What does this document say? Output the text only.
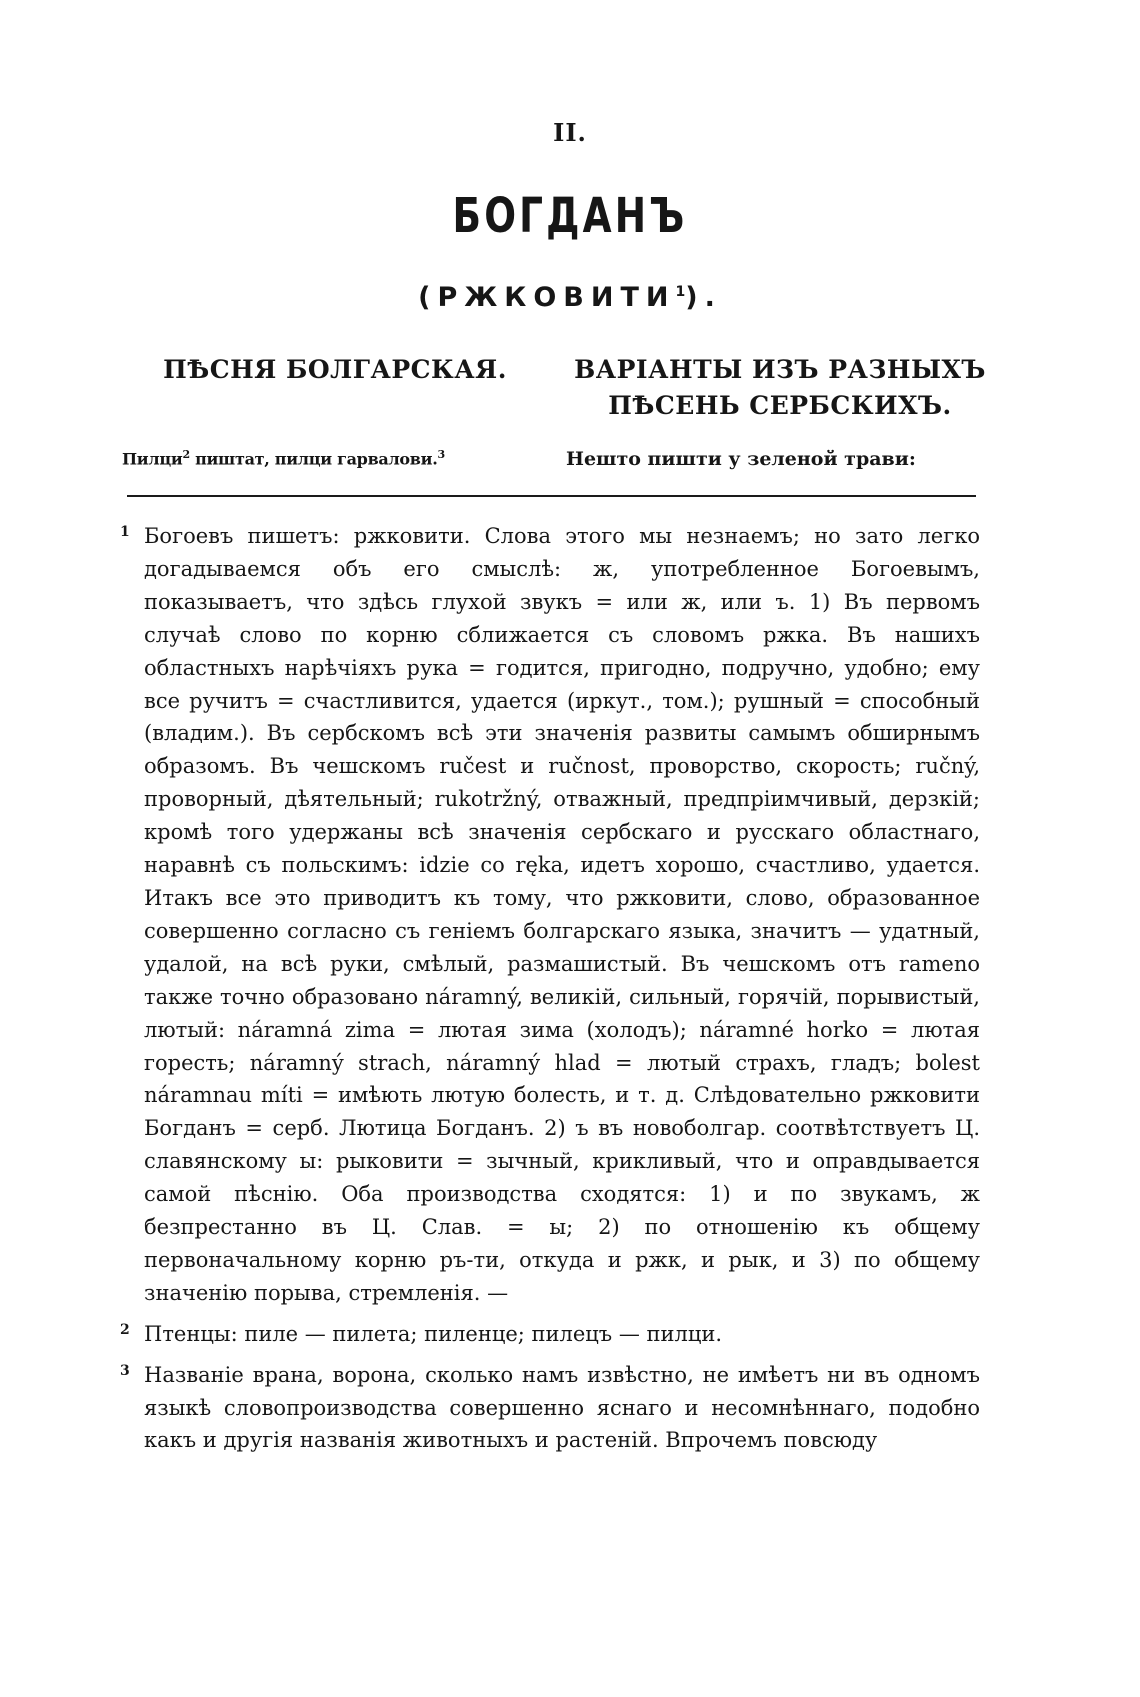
II.
БОГДАНЪ
(РЖКОВИТИ$^1$).
ПѢСНЯ БОЛГАРСКАЯ.	ВАРІАНТЫ ИЗЪ РАЗНЫХЪ
ПѢСЕНЬ СЕРБСКИХЪ.
Пилци$^2$ пиштат, пилци гарвалови.$^3$	Нешто пишти у зеленой трави:
1 Богоевъ пишетъ: ржковити. Слова этого мы незнаемъ; но зато легко догадываемся объ его смыслѣ: ж, употребленное Богоевымъ, показываетъ, что здѣсь глухой звукъ = или ж, или ъ. 1) Въ первомъ случаѣ слово по корню сближается съ словомъ ржка. Въ нашихъ областныхъ нарѣчіяхъ рука = годится, пригодно, подручно, удобно; ему все ручитъ = счастливится, удается (иркут., том.); рушный = способный (владим.). Въ сербскомъ всѣ эти значенія развиты самымъ обширнымъ образомъ. Въ чешскомъ ručest и ručnost, проворство, скорость; ručný, проворный, дѣятельный; rukotržný, отважный, предпріимчивый, дерзкій; кромѣ того удержаны всѣ значенія сербскаго и русскаго областнаго, наравнѣ съ польскимъ: idzie co ręka, идетъ хорошо, счастливо, удается. Итакъ все это приводитъ къ тому, что ржковити, слово, образованное совершенно согласно съ геніемъ болгарскаго языка, значитъ — удатный, удалой, на всѣ руки, смѣлый, размашистый. Въ чешскомъ отъ rameno также точно образовано náramný, великій, сильный, горячій, порывистый, лютый: náramná zima = лютая зима (холодъ); náramné horko = лютая горесть; náramný strach, náramný hlad = лютый страхъ, гладъ; bolest náramnau míti = имѣють лютую болесть, и т. д. Слѣдовательно ржковити Богданъ = серб. Лютица Богданъ. 2) ъ въ новоболгар. соотвѣтствуетъ Ц. славянскому ы: рыковити = зычный, крикливый, что и оправдывается самой пѣснію. Оба производства сходятся: 1) и по звукамъ, ж безпрестанно въ Ц. Слав. = ы; 2) по отношенію къ общему первоначальному корню ръ-ти, откуда и ржк, и рык, и 3) по общему значенію порыва, стремленія. —

2 Птенцы: пиле — пилета; пиленце; пилецъ — пилци.

3 Названіе врана, ворона, сколько намъ извѣстно, не имѣетъ ни въ одномъ языкѣ словопроизводства совершенно яснаго и несомнѣннаго, подобно какъ и другія названія животныхъ и растеній. Впрочемъ повсюду
